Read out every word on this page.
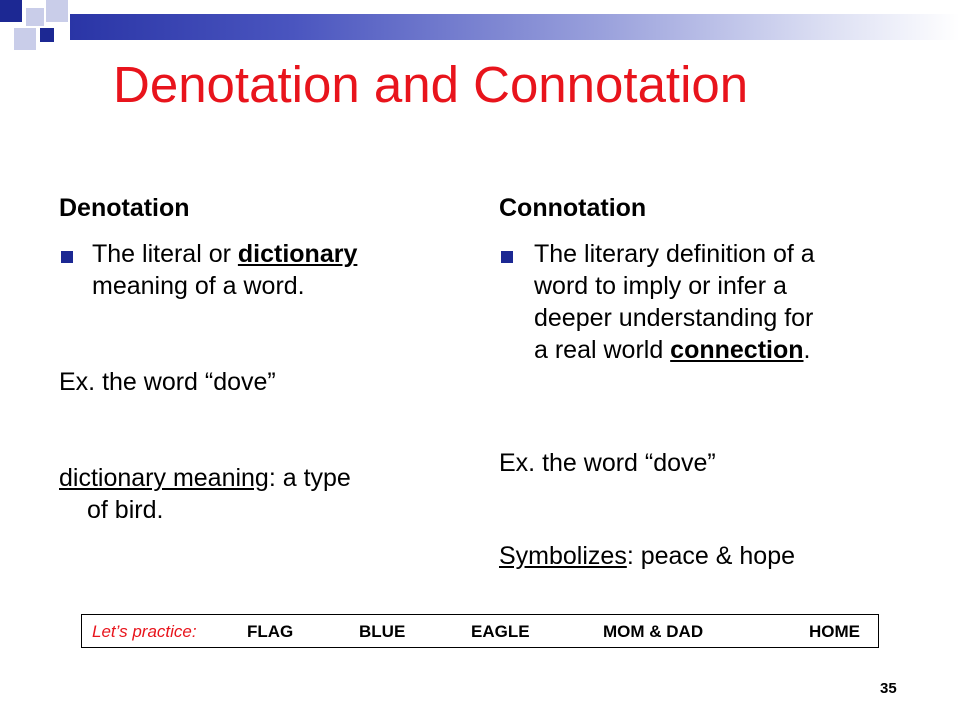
Denotation and Connotation
Denotation
The literal or dictionary
meaning of a word.
Ex. the word “dove”
dictionary meaning: a type
of bird.
Connotation
The literary definition of a
word to imply or infer a
deeper understanding for
a real world connection.
Ex. the word “dove”
Symbolizes: peace & hope
Let’s practice:	FLAG	BLUE	EAGLE	MOM & DAD	HOME
35
